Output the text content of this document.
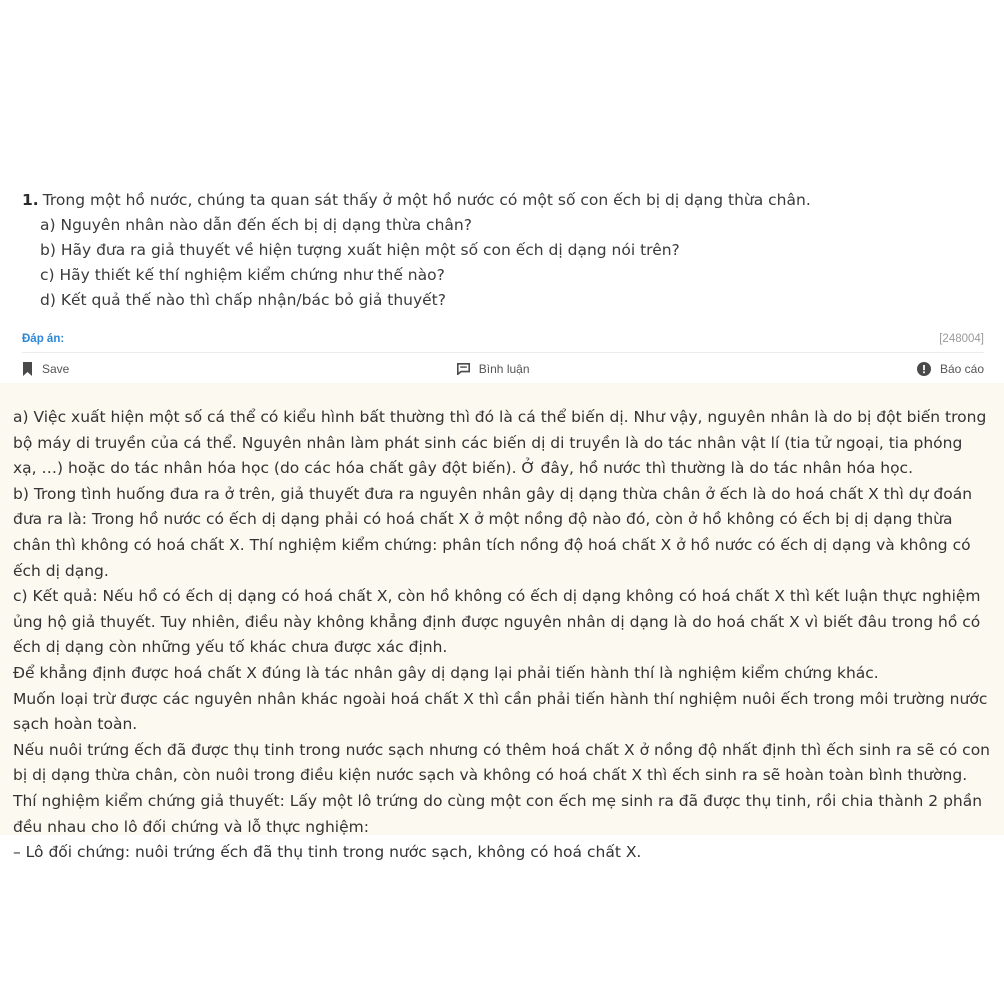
1. Trong một hồ nước, chúng ta quan sát thấy ở một hồ nước có một số con ếch bị dị dạng thừa chân.
a) Nguyên nhân nào dẫn đến ếch bị dị dạng thừa chân?
b) Hãy đưa ra giả thuyết về hiện tượng xuất hiện một số con ếch dị dạng nói trên?
c) Hãy thiết kế thí nghiệm kiểm chứng như thế nào?
d) Kết quả thế nào thì chấp nhận/bác bỏ giả thuyết?
Đáp án:	[248004]
Save	Bình luận	Báo cáo

a) Việc xuất hiện một số cá thể có kiểu hình bất thường thì đó là cá thể biến dị. Như vậy, nguyên nhân là do bị đột biến trong bộ máy di truyền của cá thể. Nguyên nhân làm phát sinh các biến dị di truyền là do tác nhân vật lí (tia tử ngoại, tia phóng xạ, …) hoặc do tác nhân hóa học (do các hóa chất gây đột biến). Ở đây, hồ nước thì thường là do tác nhân hóa học.

b) Trong tình huống đưa ra ở trên, giả thuyết đưa ra nguyên nhân gây dị dạng thừa chân ở ếch là do hoá chất X thì dự đoán đưa ra là: Trong hồ nước có ếch dị dạng phải có hoá chất X ở một nồng độ nào đó, còn ở hồ không có ếch bị dị dạng thừa chân thì không có hoá chất X. Thí nghiệm kiểm chứng: phân tích nồng độ hoá chất X ở hồ nước có ếch dị dạng và không có ếch dị dạng.

c) Kết quả: Nếu hồ có ếch dị dạng có hoá chất X, còn hồ không có ếch dị dạng không có hoá chất X thì kết luận thực nghiệm ủng hộ giả thuyết. Tuy nhiên, điều này không khẳng định được nguyên nhân dị dạng là do hoá chất X vì biết đâu trong hồ có ếch dị dạng còn những yếu tố khác chưa được xác định.

Để khẳng định được hoá chất X đúng là tác nhân gây dị dạng lại phải tiến hành thí là nghiệm kiểm chứng khác.

Muốn loại trừ được các nguyên nhân khác ngoài hoá chất X thì cần phải tiến hành thí nghiệm nuôi ếch trong môi trường nước sạch hoàn toàn.

Nếu nuôi trứng ếch đã được thụ tinh trong nước sạch nhưng có thêm hoá chất X ở nồng độ nhất định thì ếch sinh ra sẽ có con bị dị dạng thừa chân, còn nuôi trong điều kiện nước sạch và không có hoá chất X thì ếch sinh ra sẽ hoàn toàn bình thường.

Thí nghiệm kiểm chứng giả thuyết: Lấy một lô trứng do cùng một con ếch mẹ sinh ra đã được thụ tinh, rồi chia thành 2 phần đều nhau cho lô đối chứng và lỗ thực nghiệm:

– Lô đối chứng: nuôi trứng ếch đã thụ tinh trong nước sạch, không có hoá chất X.
